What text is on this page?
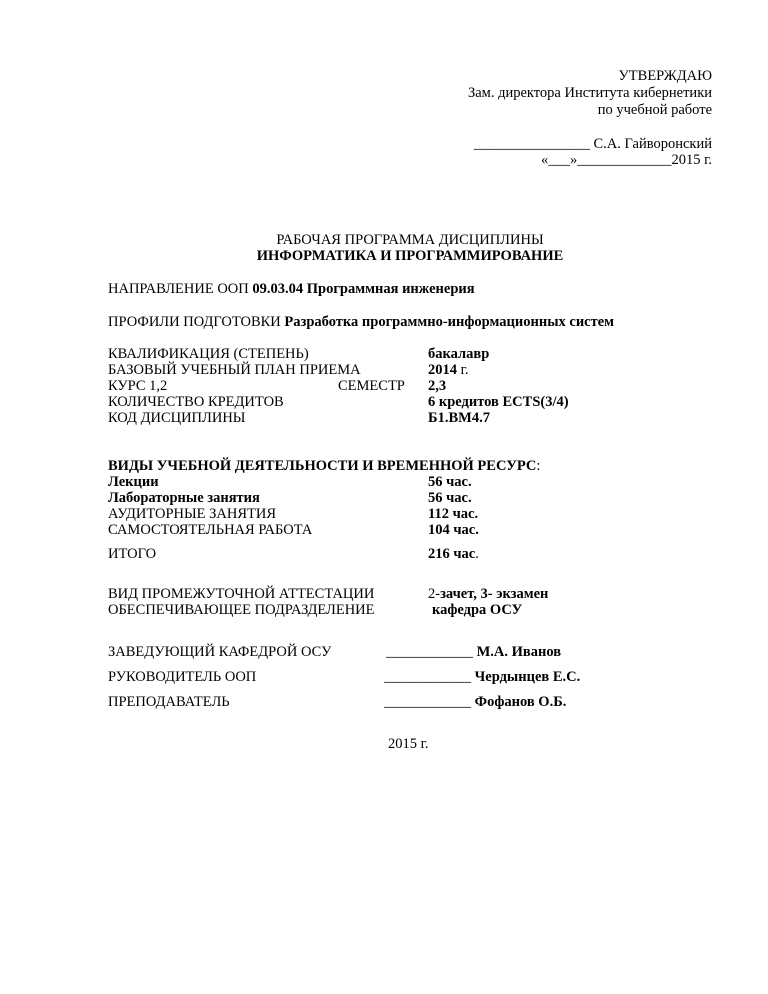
УТВЕРЖДАЮ
Зам. директора Института кибернетики
по учебной работе
________________ С.А. Гайворонский
«___»_____________2015 г.
РАБОЧАЯ ПРОГРАММА ДИСЦИПЛИНЫ
ИНФОРМАТИКА И ПРОГРАММИРОВАНИЕ
НАПРАВЛЕНИЕ ООП 09.03.04 Программная инженерия
ПРОФИЛИ ПОДГОТОВКИ Разработка программно-информационных систем
КВАЛИФИКАЦИЯ (СТЕПЕНЬ)	бакалавр
БАЗОВЫЙ УЧЕБНЫЙ ПЛАН ПРИЕМА	2014 г.
КУРС 1,2	СЕМЕСТР 2,3
КОЛИЧЕСТВО КРЕДИТОВ	6 кредитов ECTS(3/4)
КОД ДИСЦИПЛИНЫ	Б1.ВМ4.7
ВИДЫ УЧЕБНОЙ ДЕЯТЕЛЬНОСТИ И ВРЕМЕННОЙ РЕСУРС:
Лекции	56 час.
Лабораторные занятия	56 час.
АУДИТОРНЫЕ ЗАНЯТИЯ	112 час.
САМОСТОЯТЕЛЬНАЯ РАБОТА	104 час.
ИТОГО	216 час.
ВИД ПРОМЕЖУТОЧНОЙ АТТЕСТАЦИИ	2-зачет, 3- экзамен
ОБЕСПЕЧИВАЮЩЕЕ ПОДРАЗДЕЛЕНИЕ	кафедра ОСУ
ЗАВЕДУЮЩИЙ КАФЕДРОЙ ОСУ	____________ М.А. Иванов
РУКОВОДИТЕЛЬ ООП	____________ Чердынцев Е.С.
ПРЕПОДАВАТЕЛЬ	____________ Фофанов О.Б.
2015 г.
